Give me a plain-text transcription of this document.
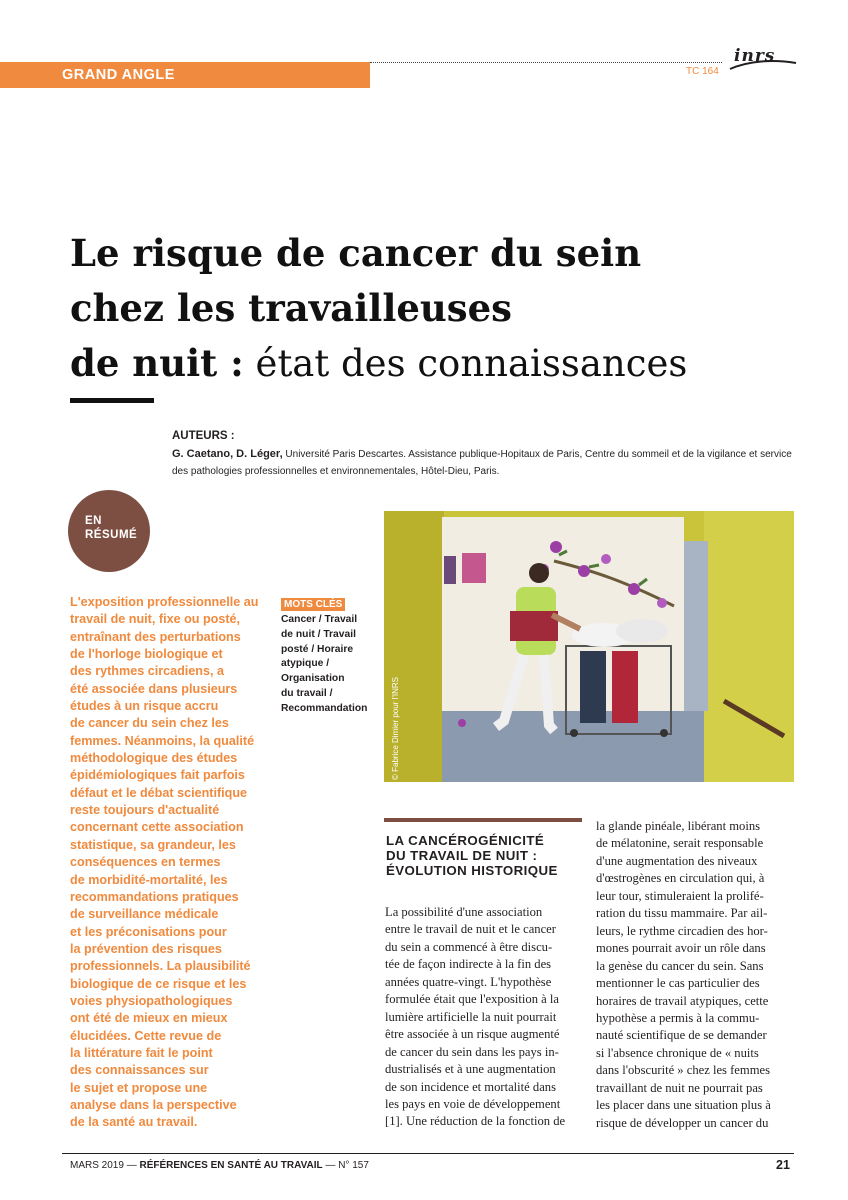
GRAND ANGLE	TC 164
inrs
Le risque de cancer du sein
chez les travailleuses
de nuit : état des connaissances
AUTEURS :
G. Caetano, D. Léger, Université Paris Descartes. Assistance publique-Hopitaux de Paris, Centre du sommeil et de la vigilance et service des pathologies professionnelles et environnementales, Hôtel-Dieu, Paris.
EN
RÉSUMÉ
L'exposition professionnelle au
travail de nuit, fixe ou posté,
entraînant des perturbations
de l'horloge biologique et
des rythmes circadiens, a
été associée dans plusieurs
études à un risque accru
de cancer du sein chez les
femmes. Néanmoins, la qualité
méthodologique des études
épidémiologiques fait parfois
défaut et le débat scientifique
reste toujours d'actualité
concernant cette association
statistique, sa grandeur, les
conséquences en termes
de morbidité-mortalité, les
recommandations pratiques
de surveillance médicale
et les préconisations pour
la prévention des risques
professionnels. La plausibilité
biologique de ce risque et les
voies physiopathologiques
ont été de mieux en mieux
élucidées. Cette revue de
la littérature fait le point
des connaissances sur
le sujet et propose une
analyse dans la perspective
de la santé au travail.
MOTS CLÉS
Cancer / Travail
de nuit / Travail
posté / Horaire
atypique /
Organisation
du travail /
Recommandation	© Fabrice Dimier pour l'INRS
LA CANCÉROGÉNICITÉ
DU TRAVAIL DE NUIT :
ÉVOLUTION HISTORIQUE
La possibilité d'une association
entre le travail de nuit et le cancer
du sein a commencé à être discu-
tée de façon indirecte à la fin des
années quatre-vingt. L'hypothèse
formulée était que l'exposition à la
lumière artificielle la nuit pourrait
être associée à un risque augmenté
de cancer du sein dans les pays in-
dustrialisés et à une augmentation
de son incidence et mortalité dans
les pays en voie de développement
[1]. Une réduction de la fonction de
la glande pinéale, libérant moins
de mélatonine, serait responsable
d'une augmentation des niveaux
d'œstrogènes en circulation qui, à
leur tour, stimuleraient la prolifé-
ration du tissu mammaire. Par ail-
leurs, le rythme circadien des hor-
mones pourrait avoir un rôle dans
la genèse du cancer du sein. Sans
mentionner le cas particulier des
horaires de travail atypiques, cette
hypothèse a permis à la commu-
nauté scientifique de se demander
si l'absence chronique de « nuits
dans l'obscurité » chez les femmes
travaillant de nuit ne pourrait pas
les placer dans une situation plus à
risque de développer un cancer du
MARS 2019 — RÉFÉRENCES EN SANTÉ AU TRAVAIL — N° 157	21
